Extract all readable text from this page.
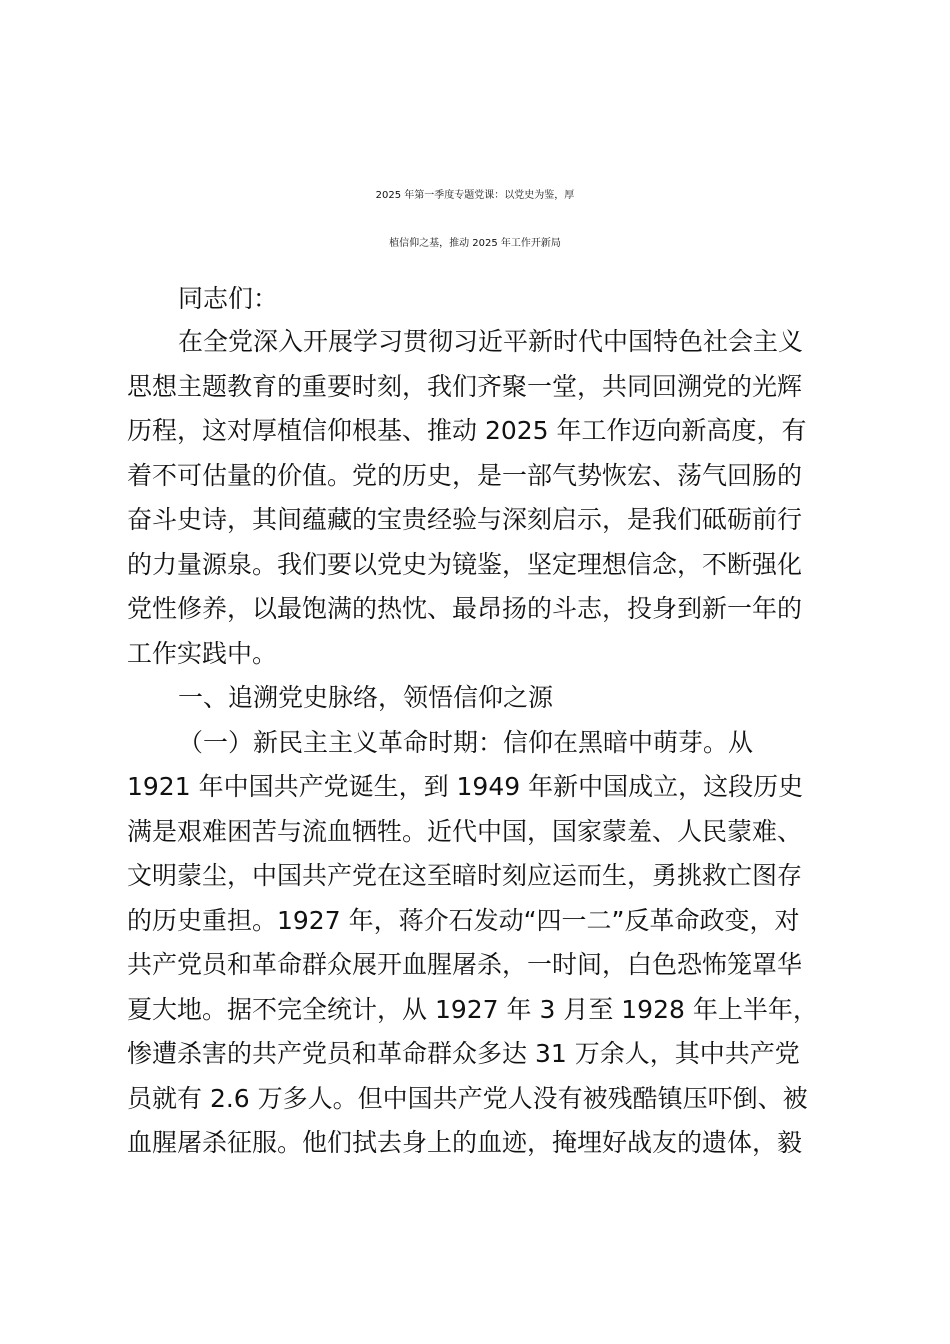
2025 年第一季度专题党课：以党史为鉴，厚
植信仰之基，推动 2025 年工作开新局
同志们：
在全党深入开展学习贯彻习近平新时代中国特色社会主义
思想主题教育的重要时刻，我们齐聚一堂，共同回溯党的光辉
历程，这对厚植信仰根基、推动 2025 年工作迈向新高度，有
着不可估量的价值。党的历史，是一部气势恢宏、荡气回肠的
奋斗史诗，其间蕴藏的宝贵经验与深刻启示，是我们砥砺前行
的力量源泉。我们要以党史为镜鉴，坚定理想信念，不断强化
党性修养，以最饱满的热忱、最昂扬的斗志，投身到新一年的
工作实践中。
一、追溯党史脉络，领悟信仰之源
（一）新民主主义革命时期：信仰在黑暗中萌芽。从
1921 年中国共产党诞生，到 1949 年新中国成立，这段历史
满是艰难困苦与流血牺牲。近代中国，国家蒙羞、人民蒙难、
文明蒙尘，中国共产党在这至暗时刻应运而生，勇挑救亡图存
的历史重担。1927 年，蒋介石发动“四一二”反革命政变，对
共产党员和革命群众展开血腥屠杀，一时间，白色恐怖笼罩华
夏大地。据不完全统计，从 1927 年 3 月至 1928 年上半年，
惨遭杀害的共产党员和革命群众多达 31 万余人，其中共产党
员就有 2.6 万多人。但中国共产党人没有被残酷镇压吓倒、被
血腥屠杀征服。他们拭去身上的血迹，掩埋好战友的遗体，毅
